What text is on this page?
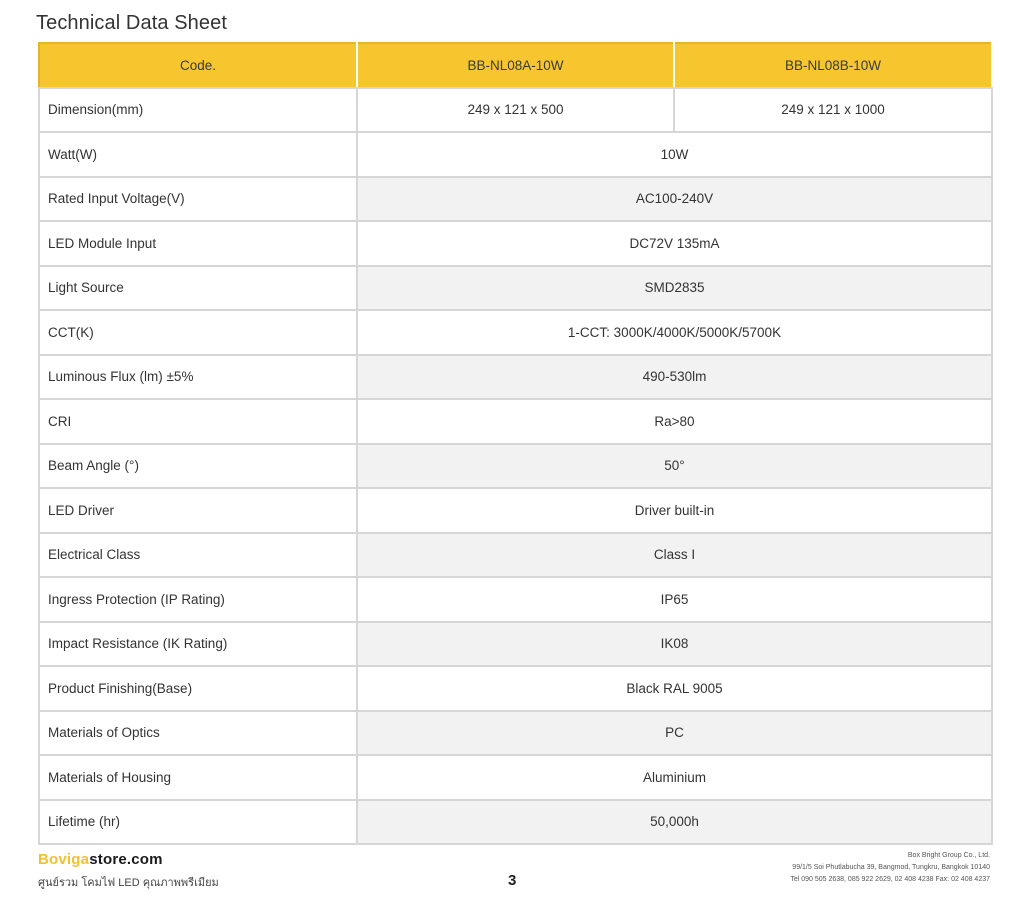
Technical Data Sheet
Code.	BB-NL08A-10W	BB-NL08B-10W
Dimension(mm)	249 x 121 x 500	249 x 121 x 1000
Watt(W)	10W	
Rated Input Voltage(V)	AC100-240V	
LED Module Input	DC72V 135mA	
Light Source	SMD2835	
CCT(K)	1-CCT: 3000K/4000K/5000K/5700K	
Luminous Flux (lm) ±5%	490-530lm	
CRI	Ra>80	
Beam Angle (°)	50°	
LED Driver	Driver built-in	
Electrical Class	Class I	
Ingress Protection (IP Rating)	IP65	
Impact Resistance (IK Rating)	IK08	
Product Finishing(Base)	Black RAL 9005	
Materials of Optics	PC	
Materials of Housing	Aluminium	
Lifetime (hr)	50,000h	
Bovigastore.com
ศูนย์รวม โคมไฟ LED คุณภาพพรีเมียม	3
Box Bright Group Co., Ltd.
99/1/5 Soi Phutlabucha 39, Bangmod, Tungkru, Bangkok 10140
Tel 090 505 2638, 085 922 2629, 02 408 4238 Fax: 02 408 4237
